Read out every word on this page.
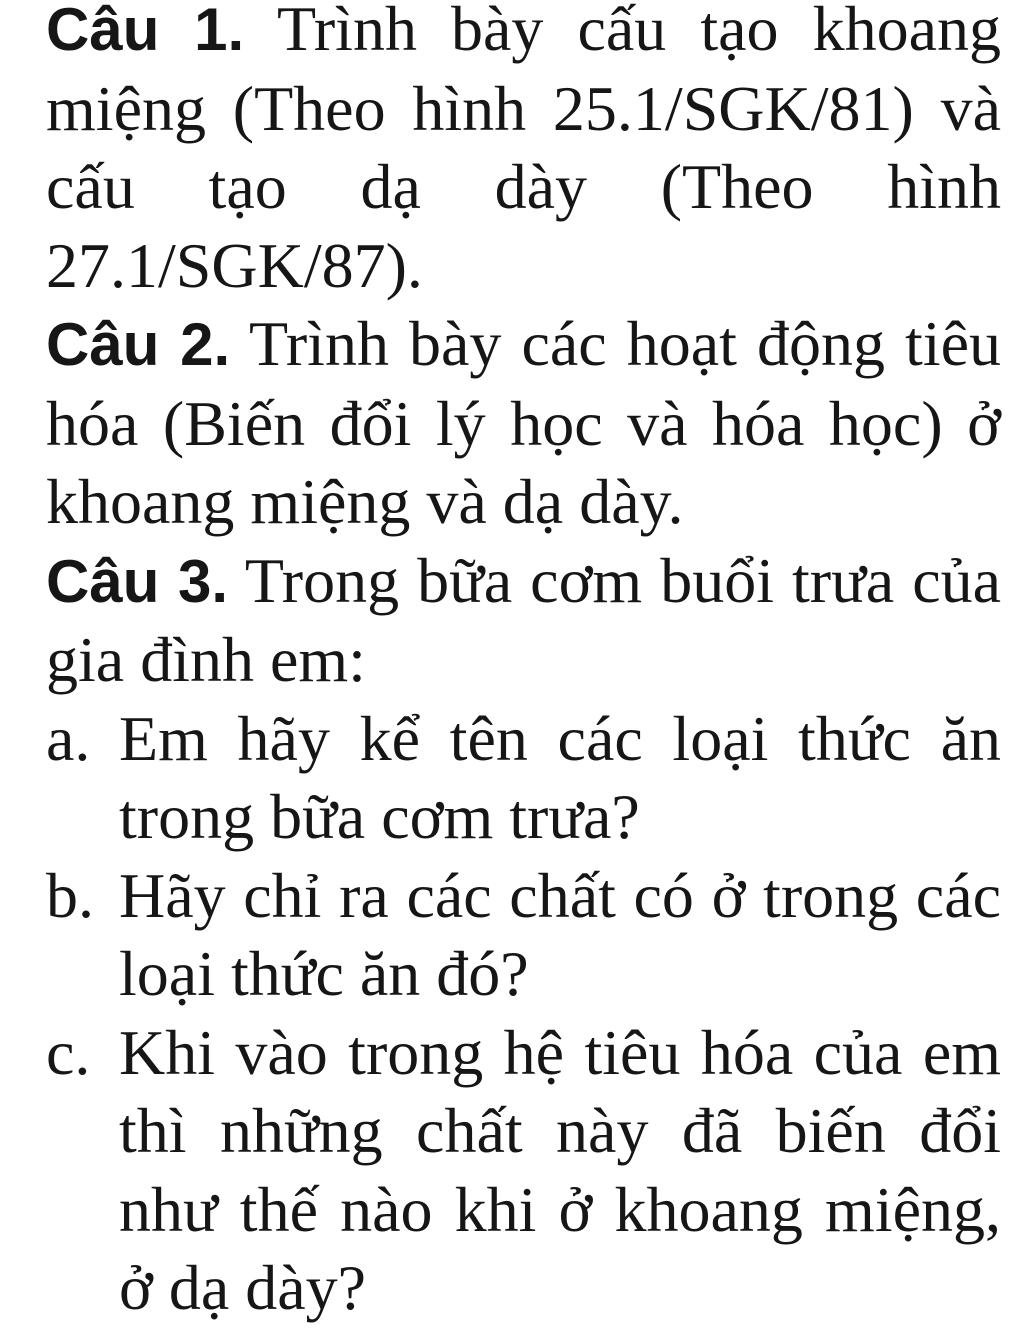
Câu 1. Trình bày cấu tạo khoang miệng (Theo hình 25.1/SGK/81) và cấu tạo dạ dày (Theo hình 27.1/SGK/87).

Câu 2. Trình bày các hoạt động tiêu hóa (Biến đổi lý học và hóa học) ở khoang miệng và dạ dày.

Câu 3. Trong bữa cơm buổi trưa của gia đình em:

a. Em hãy kể tên các loại thức ăn trong bữa cơm trưa?
b. Hãy chỉ ra các chất có ở trong các loại thức ăn đó?
c. Khi vào trong hệ tiêu hóa của em thì những chất này đã biến đổi như thế nào khi ở khoang miệng, ở dạ dày?
